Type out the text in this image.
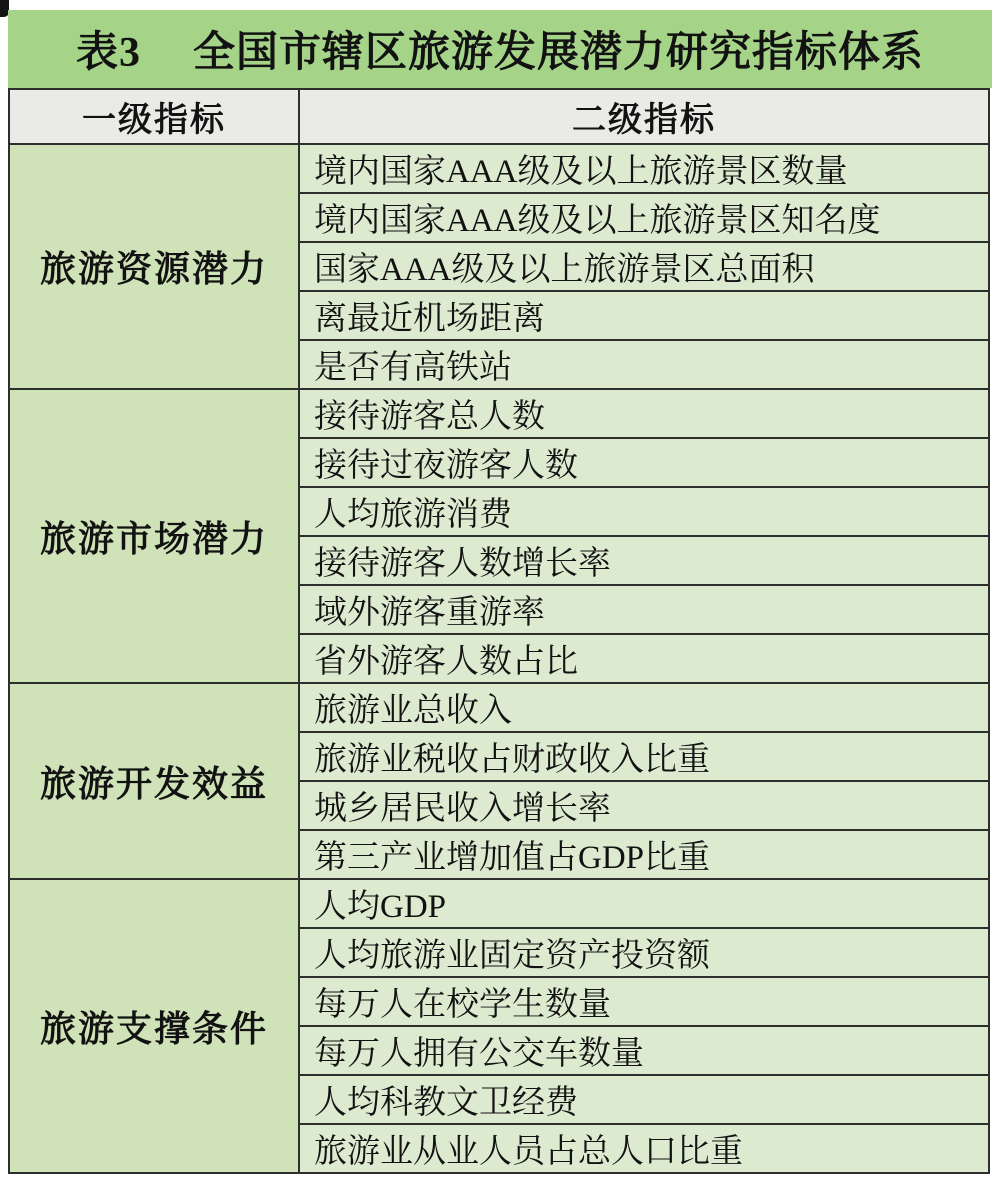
表3 全国市辖区旅游发展潜力研究指标体系
一级指标	二级指标
旅游资源潜力	境内国家AAA级及以上旅游景区数量
	境内国家AAA级及以上旅游景区知名度
	国家AAA级及以上旅游景区总面积
	离最近机场距离
	是否有高铁站
旅游市场潜力	接待游客总人数
	接待过夜游客人数
	人均旅游消费
	接待游客人数增长率
	域外游客重游率
	省外游客人数占比
旅游开发效益	旅游业总收入
	旅游业税收占财政收入比重
	城乡居民收入增长率
	第三产业增加值占GDP比重
旅游支撑条件	人均GDP
	人均旅游业固定资产投资额
	每万人在校学生数量
	每万人拥有公交车数量
	人均科教文卫经费
	旅游业从业人员占总人口比重
